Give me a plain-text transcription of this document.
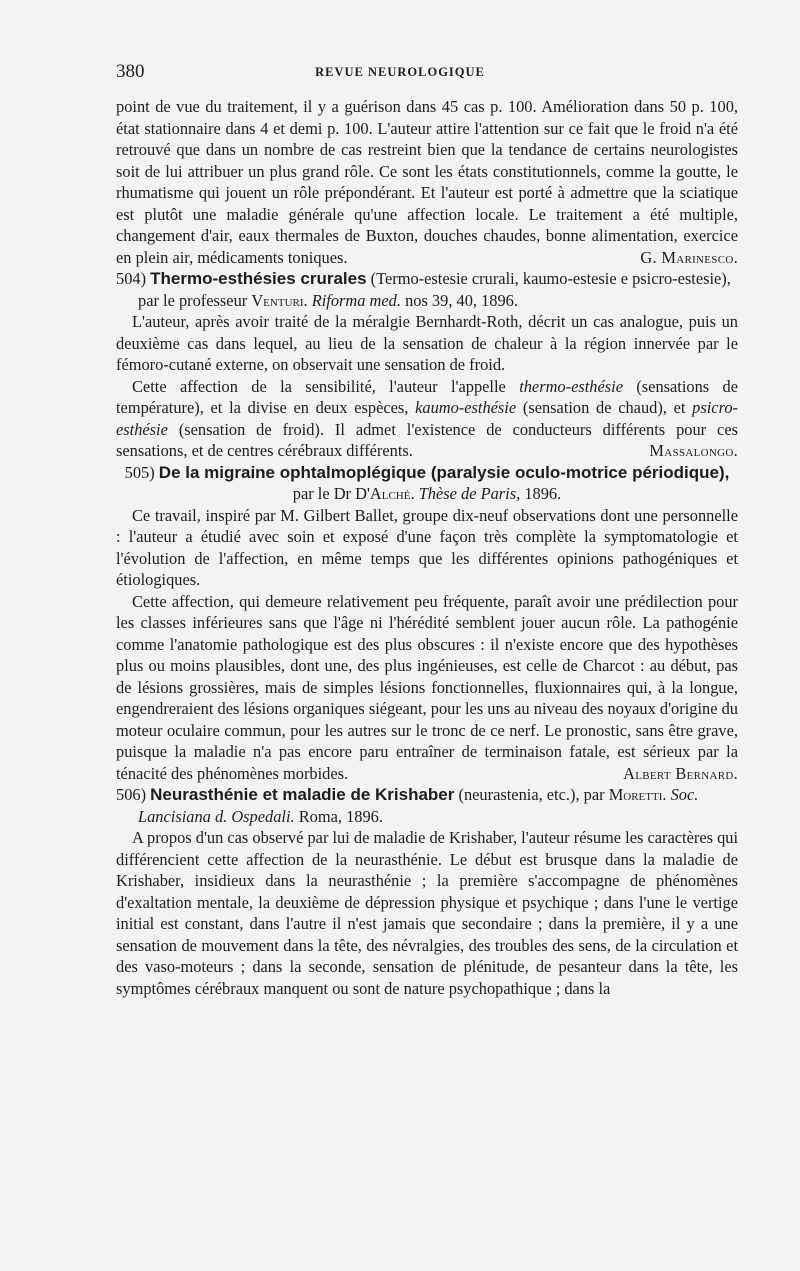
380	REVUE NEUROLOGIQUE

point de vue du traitement, il y a guérison dans 45 cas p. 100. Amélioration dans 50 p. 100, état stationnaire dans 4 et demi p. 100. L'auteur attire l'attention sur ce fait que le froid n'a été retrouvé que dans un nombre de cas restreint bien que la tendance de certains neurologistes soit de lui attribuer un plus grand rôle. Ce sont les états constitutionnels, comme la goutte, le rhumatisme qui jouent un rôle prépondérant. Et l'auteur est porté à admettre que la sciatique est plutôt une maladie générale qu'une affection locale. Le traitement a été multiple, changement d'air, eaux thermales de Buxton, douches chaudes, bonne alimentation, exercice en plein air, médicaments toniques.	G. Marinesco.

504) Thermo-esthésies crurales (Termo-estesie crurali, kaumo-estesie e psicro-estesie), par le professeur Venturi. Riforma med. nos 39, 40, 1896.

L'auteur, après avoir traité de la méralgie Bernhardt-Roth, décrit un cas analogue, puis un deuxième cas dans lequel, au lieu de la sensation de chaleur à la région innervée par le fémoro-cutané externe, on observait une sensation de froid.

Cette affection de la sensibilité, l'auteur l'appelle thermo-esthésie (sensations de température), et la divise en deux espèces, kaumo-esthésie (sensation de chaud), et psicro-esthésie (sensation de froid). Il admet l'existence de conducteurs différents pour ces sensations, et de centres cérébraux différents.	Massalongo.

505) De la migraine ophtalmoplégique (paralysie oculo-motrice périodique), par le Dr D'Alché. Thèse de Paris, 1896.

Ce travail, inspiré par M. Gilbert Ballet, groupe dix-neuf observations dont une personnelle : l'auteur a étudié avec soin et exposé d'une façon très complète la symptomatologie et l'évolution de l'affection, en même temps que les différentes opinions pathogéniques et étiologiques.

Cette affection, qui demeure relativement peu fréquente, paraît avoir une prédilection pour les classes inférieures sans que l'âge ni l'hérédité semblent jouer aucun rôle. La pathogénie comme l'anatomie pathologique est des plus obscures : il n'existe encore que des hypothèses plus ou moins plausibles, dont une, des plus ingénieuses, est celle de Charcot : au début, pas de lésions grossières, mais de simples lésions fonctionnelles, fluxionnaires qui, à la longue, engendreraient des lésions organiques siégeant, pour les uns au niveau des noyaux d'origine du moteur oculaire commun, pour les autres sur le tronc de ce nerf. Le pronostic, sans être grave, puisque la maladie n'a pas encore paru entraîner de terminaison fatale, est sérieux par la ténacité des phénomènes morbides.	Albert Bernard.

506) Neurasthénie et maladie de Krishaber (neurastenia, etc.), par Moretti. Soc. Lancisiana d. Ospedali. Roma, 1896.

A propos d'un cas observé par lui de maladie de Krishaber, l'auteur résume les caractères qui différencient cette affection de la neurasthénie. Le début est brusque dans la maladie de Krishaber, insidieux dans la neurasthénie ; la première s'accompagne de phénomènes d'exaltation mentale, la deuxième de dépression physique et psychique ; dans l'une le vertige initial est constant, dans l'autre il n'est jamais que secondaire ; dans la première, il y a une sensation de mouvement dans la tête, des névralgies, des troubles des sens, de la circulation et des vaso-moteurs ; dans la seconde, sensation de plénitude, de pesanteur dans la tête, les symptômes cérébraux manquent ou sont de nature psychopathique ; dans la
